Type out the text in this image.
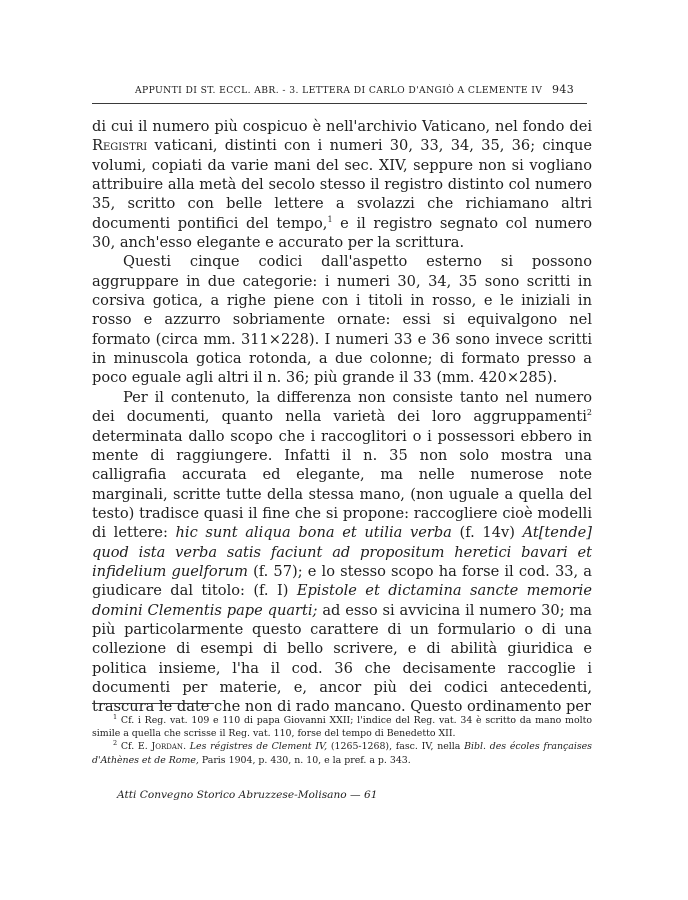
APPUNTI DI ST. ECCL. ABR. - 3. LETTERA DI CARLO D'ANGIÒ A CLEMENTE IV 943

di cui il numero più cospicuo è nell'archivio Vaticano, nel fondo dei Registri vaticani, distinti con i numeri 30, 33, 34, 35, 36; cinque volumi, copiati da varie mani del sec. XIV, seppure non si vogliano attribuire alla metà del secolo stesso il registro distinto col numero 35, scritto con belle lettere a svolazzi che richiamano altri documenti pontifici del tempo,$^1$ e il registro segnato col numero 30, anch'esso elegante e accurato per la scrittura.

Questi cinque codici dall'aspetto esterno si possono aggruppare in due categorie: i numeri 30, 34, 35 sono scritti in corsiva gotica, a righe piene con i titoli in rosso, e le iniziali in rosso e azzurro sobriamente ornate: essi si equivalgono nel formato (circa mm. 311×228). I numeri 33 e 36 sono invece scritti in minuscola gotica rotonda, a due colonne; di formato presso a poco eguale agli altri il n. 36; più grande il 33 (mm. 420×285).

Per il contenuto, la differenza non consiste tanto nel numero dei documenti, quanto nella varietà dei loro aggruppamenti$^2$ determinata dallo scopo che i raccoglitori o i possessori ebbero in mente di raggiungere. Infatti il n. 35 non solo mostra una calligrafia accurata ed elegante, ma nelle numerose note marginali, scritte tutte della stessa mano, (non uguale a quella del testo) tradisce quasi il fine che si propone: raccogliere cioè modelli di lettere: hic sunt aliqua bona et utilia verba (f. 14v) At[tende] quod ista verba satis faciunt ad propositum heretici bavari et infidelium guelforum (f. 57); e lo stesso scopo ha forse il cod. 33, a giudicare dal titolo: (f. I) Epistole et dictamina sancte memorie domini Clementis pape quarti; ad esso si avvicina il numero 30; ma più particolarmente questo carattere di un formulario o di una collezione di esempi di bello scrivere, e di abilità giuridica e politica insieme, l'ha il cod. 36 che decisamente raccoglie i documenti per materie, e, ancor più dei codici antecedenti, trascura le date che non di rado mancano. Questo ordinamento per

$^1$ Cf. i Reg. vat. 109 e 110 di papa Giovanni XXII; l'indice del Reg. vat. 34 è scritto da mano molto simile a quella che scrisse il Reg. vat. 110, forse del tempo di Benedetto XII.

$^2$ Cf. E. Jordan. Les régistres de Clement IV, (1265-1268), fasc. IV, nella Bibl. des écoles françaises d'Athènes et de Rome, Paris 1904, p. 430, n. 10, e la pref. a p. 343.

Atti Convegno Storico Abruzzese-Molisano — 61
